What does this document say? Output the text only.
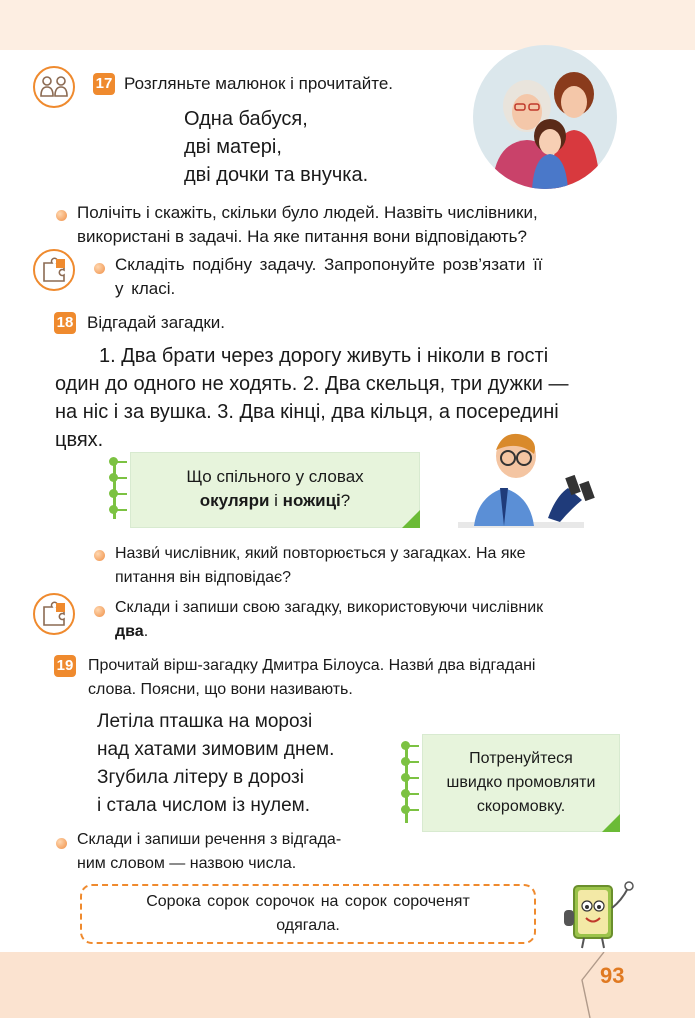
17 Розгляньте малюнок і прочитайте.
Одна бабуся,
дві матері,
дві дочки та внучка.
Полічіть і скажіть, скільки було людей. Назвіть числівники,
використані в задачі. На яке питання вони відповідають?
Складіть подібну задачу. Запропонуйте розв’язати її
у класі.
18 Відгадай загадки.
1. Два брати через дорогу живуть і ніколи в гості
один до одного не ходять. 2. Два скельця, три дужки —
на ніс і за вушка. 3. Два кінці, два кільця, а посередині
цвях.
Що спільного у словах
окуляри і ножиці?
Назви́ числівник, який повторюється у загадках. На яке
питання він відповідає?
Склади і запиши свою загадку, використовуючи числівник
два.
19 Прочитай вірш-загадку Дмитра Білоуса. Назви́ два відгадані
слова. Поясни, що вони називають.
Летіла пташка на морозі
над хатами зимовим днем.
Згубила літеру в дорозі
і стала числом із нулем.
Потренуйтеся
швидко промовляти
скоромовку.
Склади і запиши речення з відгада-
ним словом — назвою числа.
Сорока сорок сорочок на сорок сороченят
одягала.
93
